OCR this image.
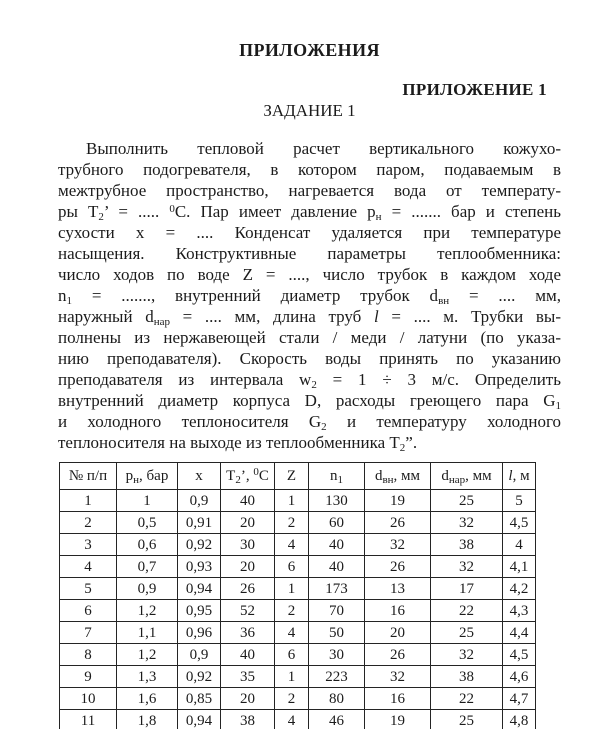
ПРИЛОЖЕНИЯ
ПРИЛОЖЕНИЕ 1
ЗАДАНИЕ 1
Выполнить тепловой расчет вертикального кожухо-
трубного подогревателя, в котором паром, подаваемым в
межтрубное пространство, нагревается вода от температу-
ры $T_2$’ = ..... $^0$C. Пар имеет давление $p_н$ = ....... бар и степень
сухости x = .... Конденсат удаляется при температуре
насыщения. Конструктивные параметры теплообменника:
число ходов по воде Z = ...., число трубок в каждом ходе
$n_1$ = ......., внутренний диаметр трубок $d_{вн}$ = .... мм,
наружный $d_{нар}$ = .... мм, длина труб l = .... м. Трубки вы-
полнены из нержавеющей стали / меди / латуни (по указа-
нию преподавателя). Скорость воды принять по указанию
преподавателя из интервала $w_2 = 1 \div 3$ м/с. Определить
внутренний диаметр корпуса D, расходы греющего пара $G_1$
и холодного теплоносителя $G_2$ и температуру холодного
теплоносителя на выходе из теплообменника $T_2$”.
№ п/п	$p_н$, бар	x	$T_2$’, $^0$C	Z	$n_1$	$d_{вн}$, мм	$d_{нар}$, мм	l, м
1	1	0,9	40	1	130	19	25	5
2	0,5	0,91	20	2	60	26	32	4,5
3	0,6	0,92	30	4	40	32	38	4
4	0,7	0,93	20	6	40	26	32	4,1
5	0,9	0,94	26	1	173	13	17	4,2
6	1,2	0,95	52	2	70	16	22	4,3
7	1,1	0,96	36	4	50	20	25	4,4
8	1,2	0,9	40	6	30	26	32	4,5
9	1,3	0,92	35	1	223	32	38	4,6
10	1,6	0,85	20	2	80	16	22	4,7
11	1,8	0,94	38	4	46	19	25	4,8
